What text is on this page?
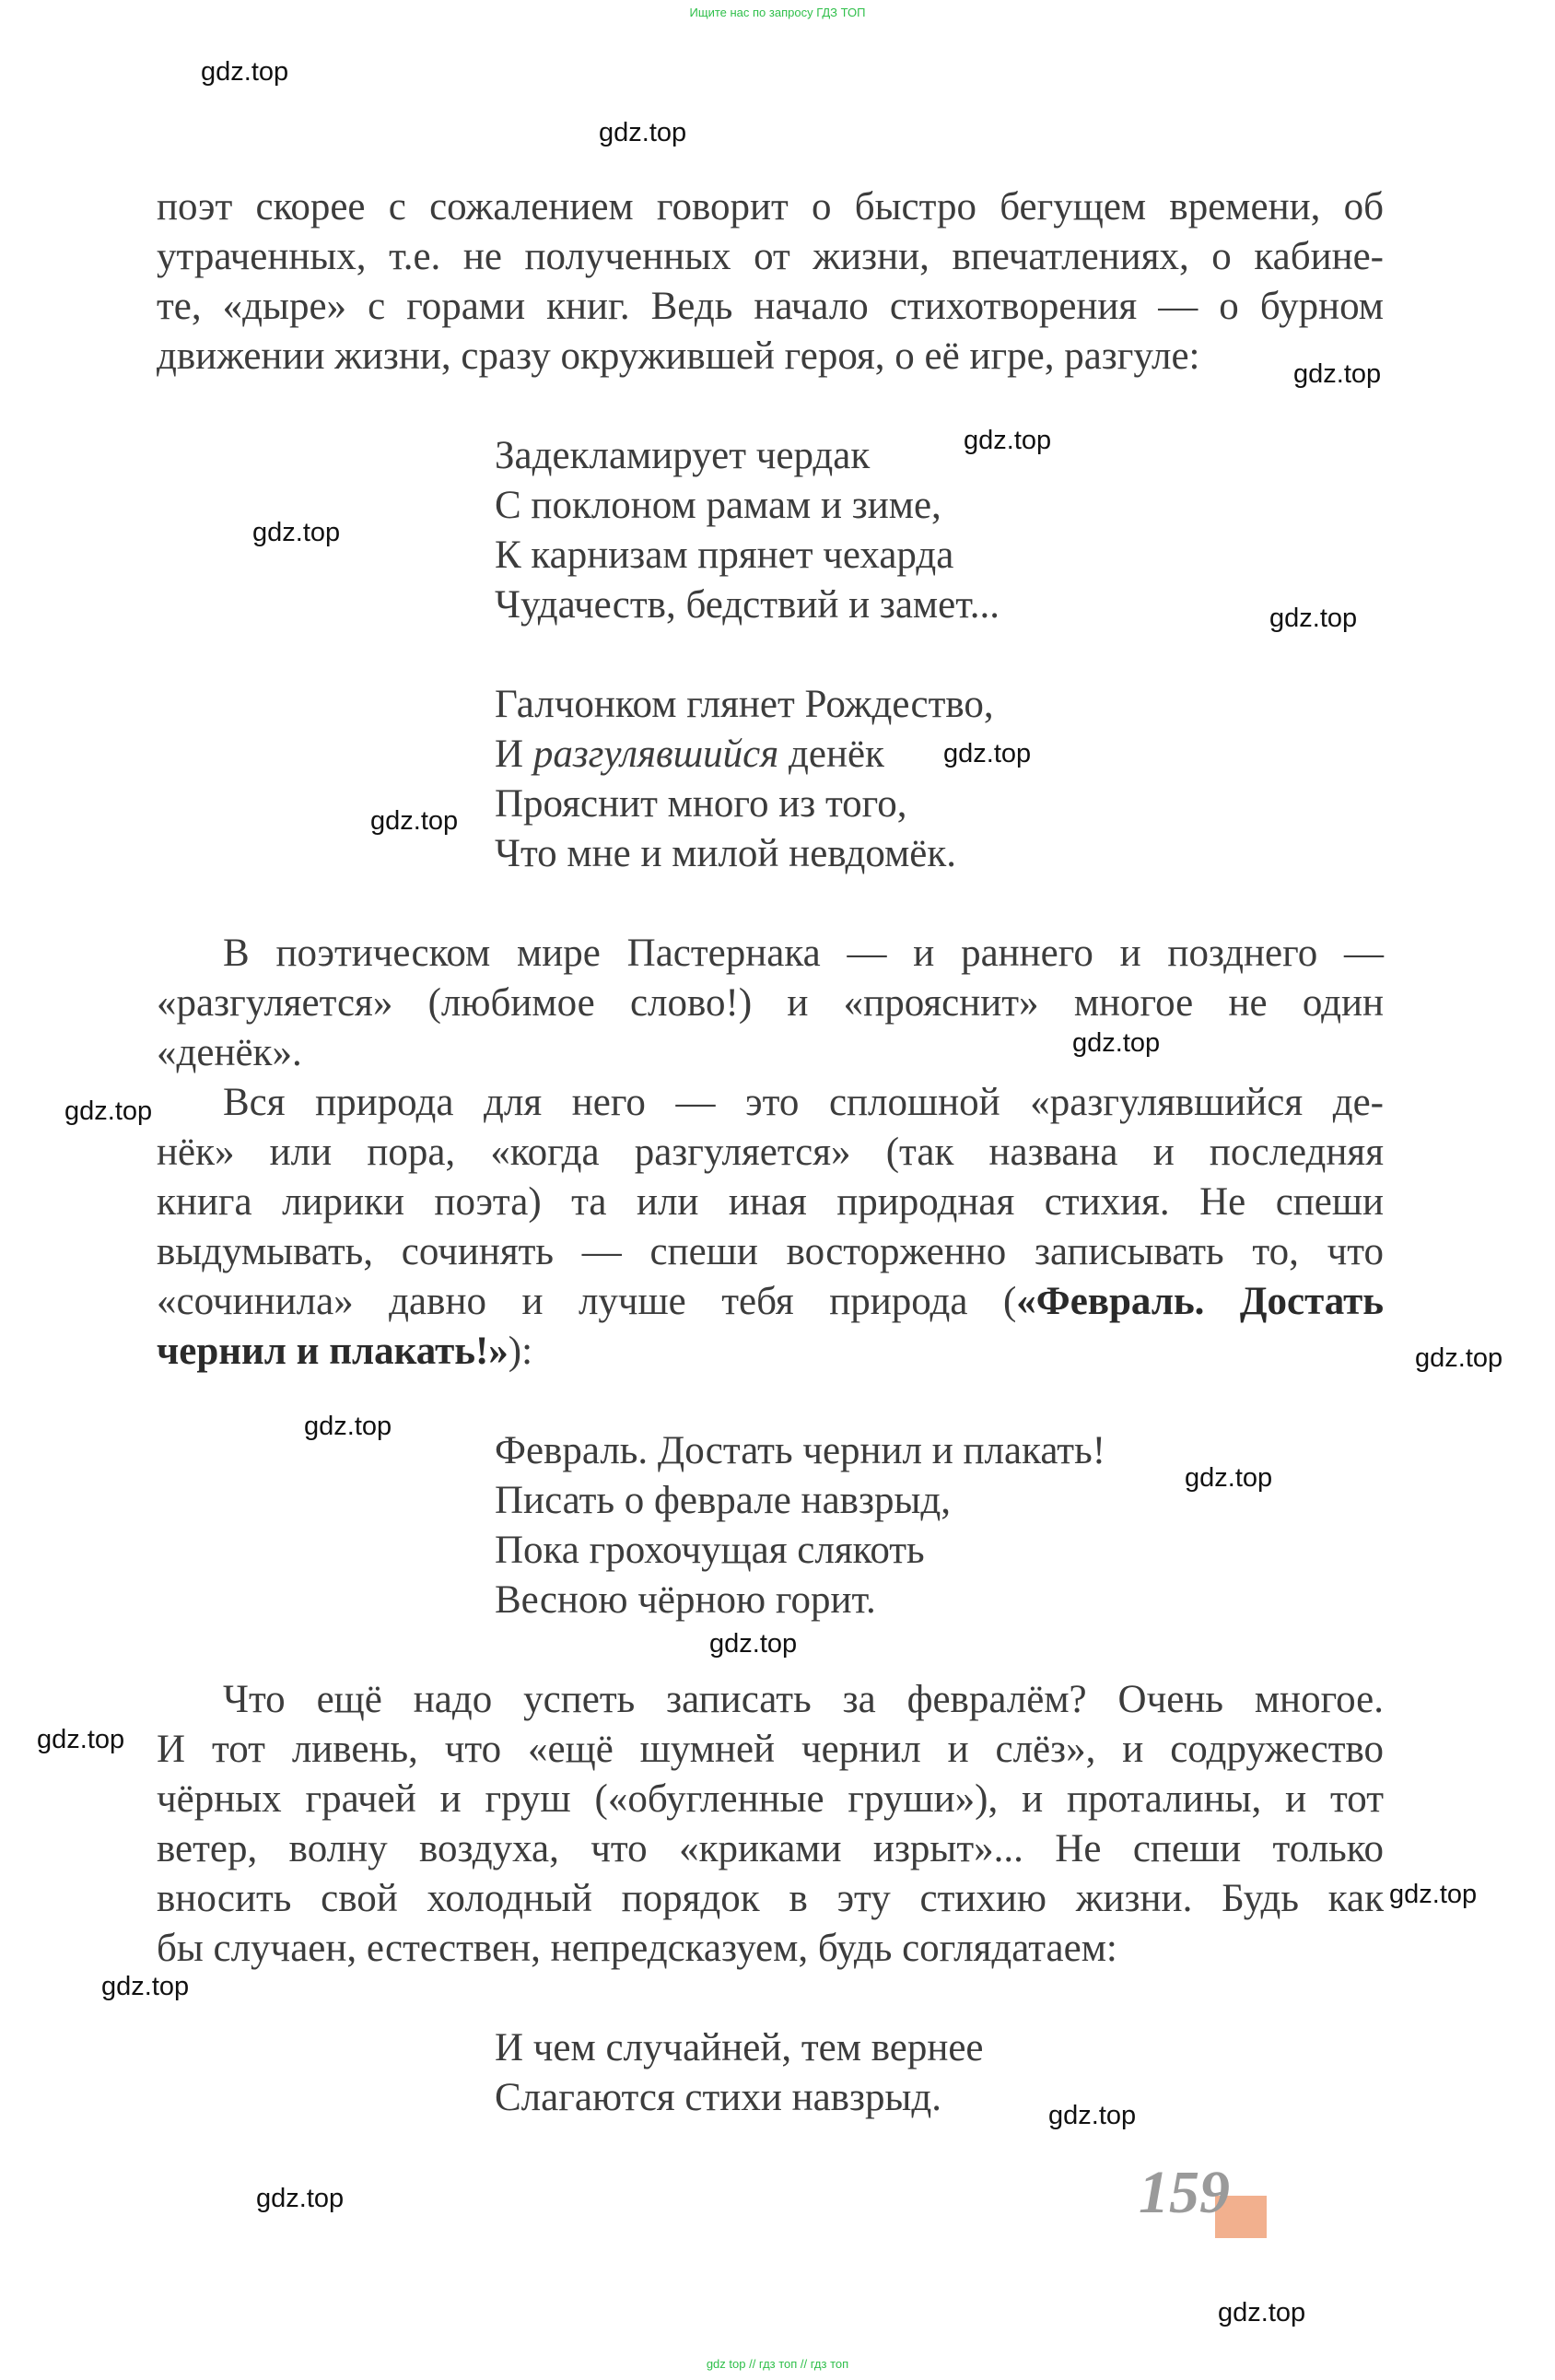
Ищите нас по запросу ГДЗ ТОП
gdz.top
gdz.top
gdz.top
gdz.top
gdz.top
gdz.top
gdz.top
gdz.top
gdz.top
gdz.top
gdz.top
gdz.top
gdz.top
gdz.top
gdz.top
gdz.top
gdz.top
gdz.top
gdz.top
gdz.top
поэт скорее с сожалением говорит о быстро бегущем времени, об
утраченных, т.е. не полученных от жизни, впечатлениях, о кабине-
те, «дыре» с горами книг. Ведь начало стихотворения — о бурном
движении жизни, сразу окружившей героя, о её игре, разгуле:
Задекламирует чердак
С поклоном рамам и зиме,
К карнизам прянет чехарда
Чудачеств, бедствий и замет...
Галчонком глянет Рождество,
И разгулявшийся денёк
Прояснит много из того,
Что мне и милой невдомёк.
В поэтическом мире Пастернака — и раннего и позднего —
«разгуляется» (любимое слово!) и «прояснит» многое не один
«денёк».
Вся природа для него — это сплошной «разгулявшийся де-
нёк» или пора, «когда разгуляется» (так названа и последняя
книга лирики поэта) та или иная природная стихия. Не спеши
выдумывать, сочинять — спеши восторженно записывать то, что
«сочинила» давно и лучше тебя природа («Февраль. Достать
чернил и плакать!»):
Февраль. Достать чернил и плакать!
Писать о феврале навзрыд,
Пока грохочущая слякоть
Весною чёрною горит.
Что ещё надо успеть записать за февралём? Очень многое.
И тот ливень, что «ещё шумней чернил и слёз», и содружество
чёрных грачей и груш («обугленные груши»), и проталины, и тот
ветер, волну воздуха, что «криками изрыт»... Не спеши только
вносить свой холодный порядок в эту стихию жизни. Будь как
бы случаен, естествен, непредсказуем, будь соглядатаем:
И чем случайней, тем вернее
Слагаются стихи навзрыд.
159
gdz top // гдз топ // гдз топ
